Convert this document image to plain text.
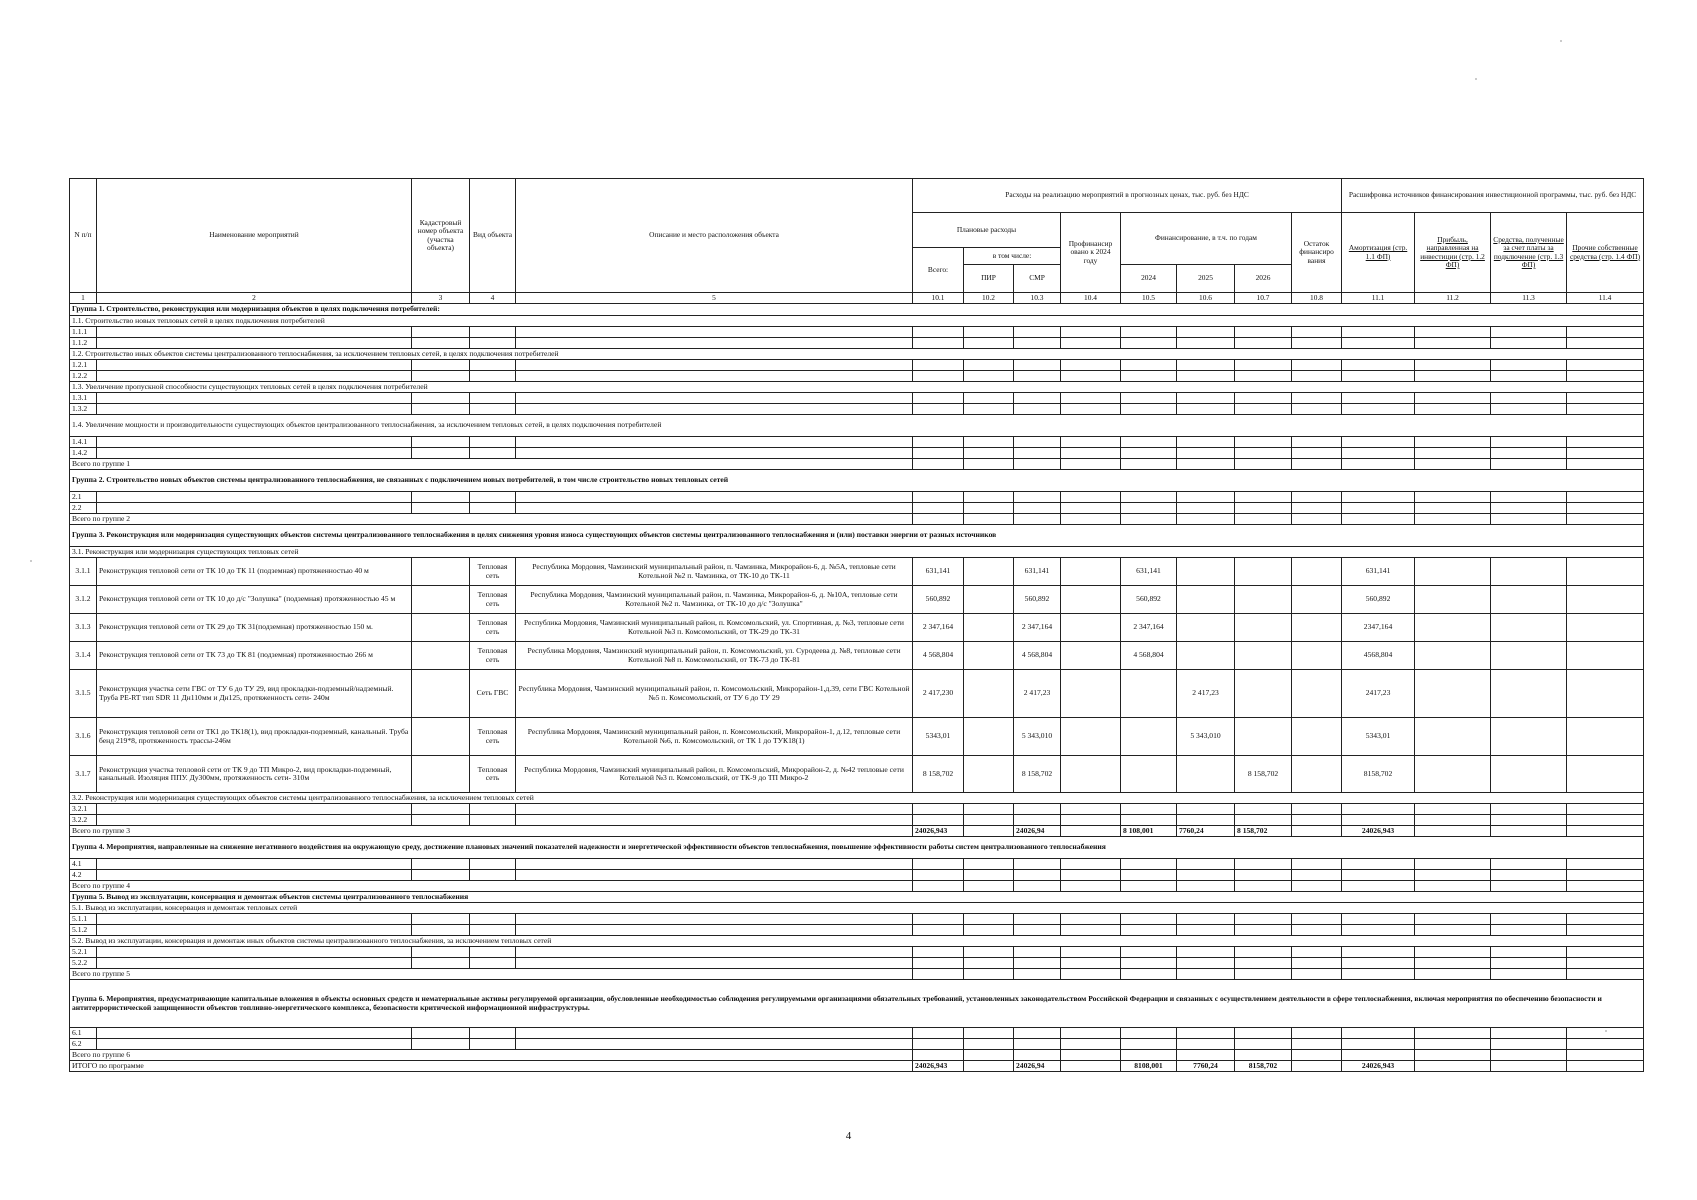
N п/п	Наименование мероприятий	Кадастровый номер объекта (участка объекта)	Вид объекта	Описание и место расположения объекта	Расходы на реализацию мероприятий в прогнозных ценах, тыс. руб. без НДС								Расшифровка источников финансирования инвестиционной программы, тыс. руб. без НДС			
					Плановые расходы			Профинансир овано к 2024 году	Финансирование, в т.ч. по годам			Остаток финансиро вания	Амортизация (стр. 1.1 ФП)	Прибыль, направленная на инвестиции (стр. 1.2 ФП)	Средства, полученные за счет платы за подключение (стр. 1.3 ФП)	Прочие собственные средства (стр. 1.4 ФП)
					Всего:	в том числе:										
						ПИР	СМР		2024	2025	2026					
1	2	3	4	5	10.1	10.2	10.3	10.4	10.5	10.6	10.7	10.8	11.1	11.2	11.3	11.4
Группа 1. Строительство, реконструкция или модернизация объектов в целях подключения потребителей:																
1.1. Строительство новых тепловых сетей в целях подключения потребителей																
1.1.1																
1.1.2																
1.2. Строительство иных объектов системы централизованного теплоснабжения, за исключением тепловых сетей, в целях подключения потребителей																
1.2.1																
1.2.2																
1.3. Увеличение пропускной способности существующих тепловых сетей в целях подключения потребителей																
1.3.1																
1.3.2																
1.4. Увеличение мощности и производительности существующих объектов централизованного теплоснабжения, за исключением тепловых сетей, в целях подключения потребителей																
1.4.1																
1.4.2																
Всего по группе 1																
Группа 2. Строительство новых объектов системы централизованного теплоснабжения, не связанных с подключением новых потребителей, в том числе строительство новых тепловых сетей																
2.1																
2.2																
Всего по группе 2																
Группа 3. Реконструкция или модернизация существующих объектов системы централизованного теплоснабжения в целях снижения уровня износа существующих объектов системы централизованного теплоснабжения и (или) поставки энергии от разных источников																
3.1. Реконструкция или модернизация существующих тепловых сетей																
3.1.1	Реконструкция тепловой сети от ТК 10 до ТК 11 (подземная) протяженностью 40 м		Тепловая сеть	Республика Мордовия, Чамзинский муниципальный район, п. Чамзинка, Микрорайон-6, д. №5А, тепловые сети Котельной №2 п. Чамзинка, от ТК-10 до ТК-11	631,141		631,141		631,141				631,141			
3.1.2	Реконструкция тепловой сети от ТК 10 до д/с "Золушка" (подземная) протяженностью 45 м		Тепловая сеть	Республика Мордовия, Чамзинский муниципальный район, п. Чамзинка, Микрорайон-6, д. №10А, тепловые сети Котельной №2 п. Чамзинка, от ТК-10 до д/с "Золушка"	560,892		560,892		560,892				560,892			
3.1.3	Реконструкция тепловой сети от ТК 29 до ТК 31(подземная) протяженностью 150 м.		Тепловая сеть	Республика Мордовия, Чамзинский муниципальный район, п. Комсомольский, ул. Спортивная, д. №3, тепловые сети Котельной №3 п. Комсомольский, от ТК-29 до ТК-31	2 347,164		2 347,164		2 347,164				2347,164			
3.1.4	Реконструкция тепловой сети от ТК 73 до ТК 81 (подземная) протяженностью 266 м		Тепловая сеть	Республика Мордовия, Чамзинский муниципальный район, п. Комсомольский, ул. Суродеева д. №8, тепловые сети Котельной №8 п. Комсомольский, от ТК-73 до ТК-81	4 568,804		4 568,804		4 568,804				4568,804			
3.1.5	Реконструкция участка сети ГВС от ТУ 6 до ТУ 29, вид прокладки-подземный/надземный. Труба PE-RT тип SDR 11 Дн110мм и Дн125, протяженность сети- 240м		Сеть ГВС	Республика Мордовия, Чамзинский муниципальный район, п. Комсомольский, Микрорайон-1,д.39, сети ГВС Котельной №5 п. Комсомольский, от ТУ 6 до ТУ 29	2 417,230		2 417,23			2 417,23			2417,23			
3.1.6	Реконструкция тепловой сети от ТК1 до ТК18(1), вид прокладки-подземный, канальный. Труба бенд 219*8, протяженность трассы-246м		Тепловая сеть	Республика Мордовия, Чамзинский муниципальный район, п. Комсомольский, Микрорайон-1, д.12, тепловые сети Котельной №6, п. Комсомольский, от ТК 1 до ТУК18(1)	5343,01		5 343,010			5 343,010			5343,01			
3.1.7	Реконструкция участка тепловой сети от ТК 9 до ТП Микро-2, вид прокладки-подземный, канальный. Изоляция ППУ. Ду300мм, протяженность сети- 310м		Тепловая сеть	Республика Мордовия, Чамзинский муниципальный район, п. Комсомольский, Микрорайон-2, д. №42 тепловые сети Котельной №3 п. Комсомольский, от ТК-9 до ТП Микро-2	8 158,702		8 158,702				8 158,702		8158,702			
3.2. Реконструкция или модернизация существующих объектов системы централизованного теплоснабжения, за исключением тепловых сетей																
3.2.1																
3.2.2																
Всего по группе 3					24026,943		24026,94		8 108,001	7760,24	8 158,702		24026,943			
Группа 4. Мероприятия, направленные на снижение негативного воздействия на окружающую среду, достижение плановых значений показателей надежности и энергетической эффективности объектов теплоснабжения, повышение эффективности работы систем централизованного теплоснабжения																
4.1																
4.2																
Всего по группе 4																
Группа 5. Вывод из эксплуатации, консервация и демонтаж объектов системы централизованного теплоснабжения																
5.1. Вывод из эксплуатации, консервация и демонтаж тепловых сетей																
5.1.1																
5.1.2																
5.2. Вывод из эксплуатации, консервация и демонтаж иных объектов системы централизованного теплоснабжения, за исключением тепловых сетей																
5.2.1																
5.2.2																
Всего по группе 5																
Группа 6. Мероприятия, предусматривающие капитальные вложения в объекты основных средств и нематериальные активы регулируемой организации, обусловленные необходимостью соблюдения регулируемыми организациями обязательных требований, установленных законодательством Российской Федерации и связанных с осуществлением деятельности в сфере теплоснабжения, включая мероприятия по обеспечению безопасности и антитеррористической защищенности объектов топливно-энергетического комплекса, безопасности критической информационной инфраструктуры.																
6.1																
6.2																
Всего по группе 6																
ИТОГО по программе					24026,943		24026,94		8108,001	7760,24	8158,702		24026,943			
4
